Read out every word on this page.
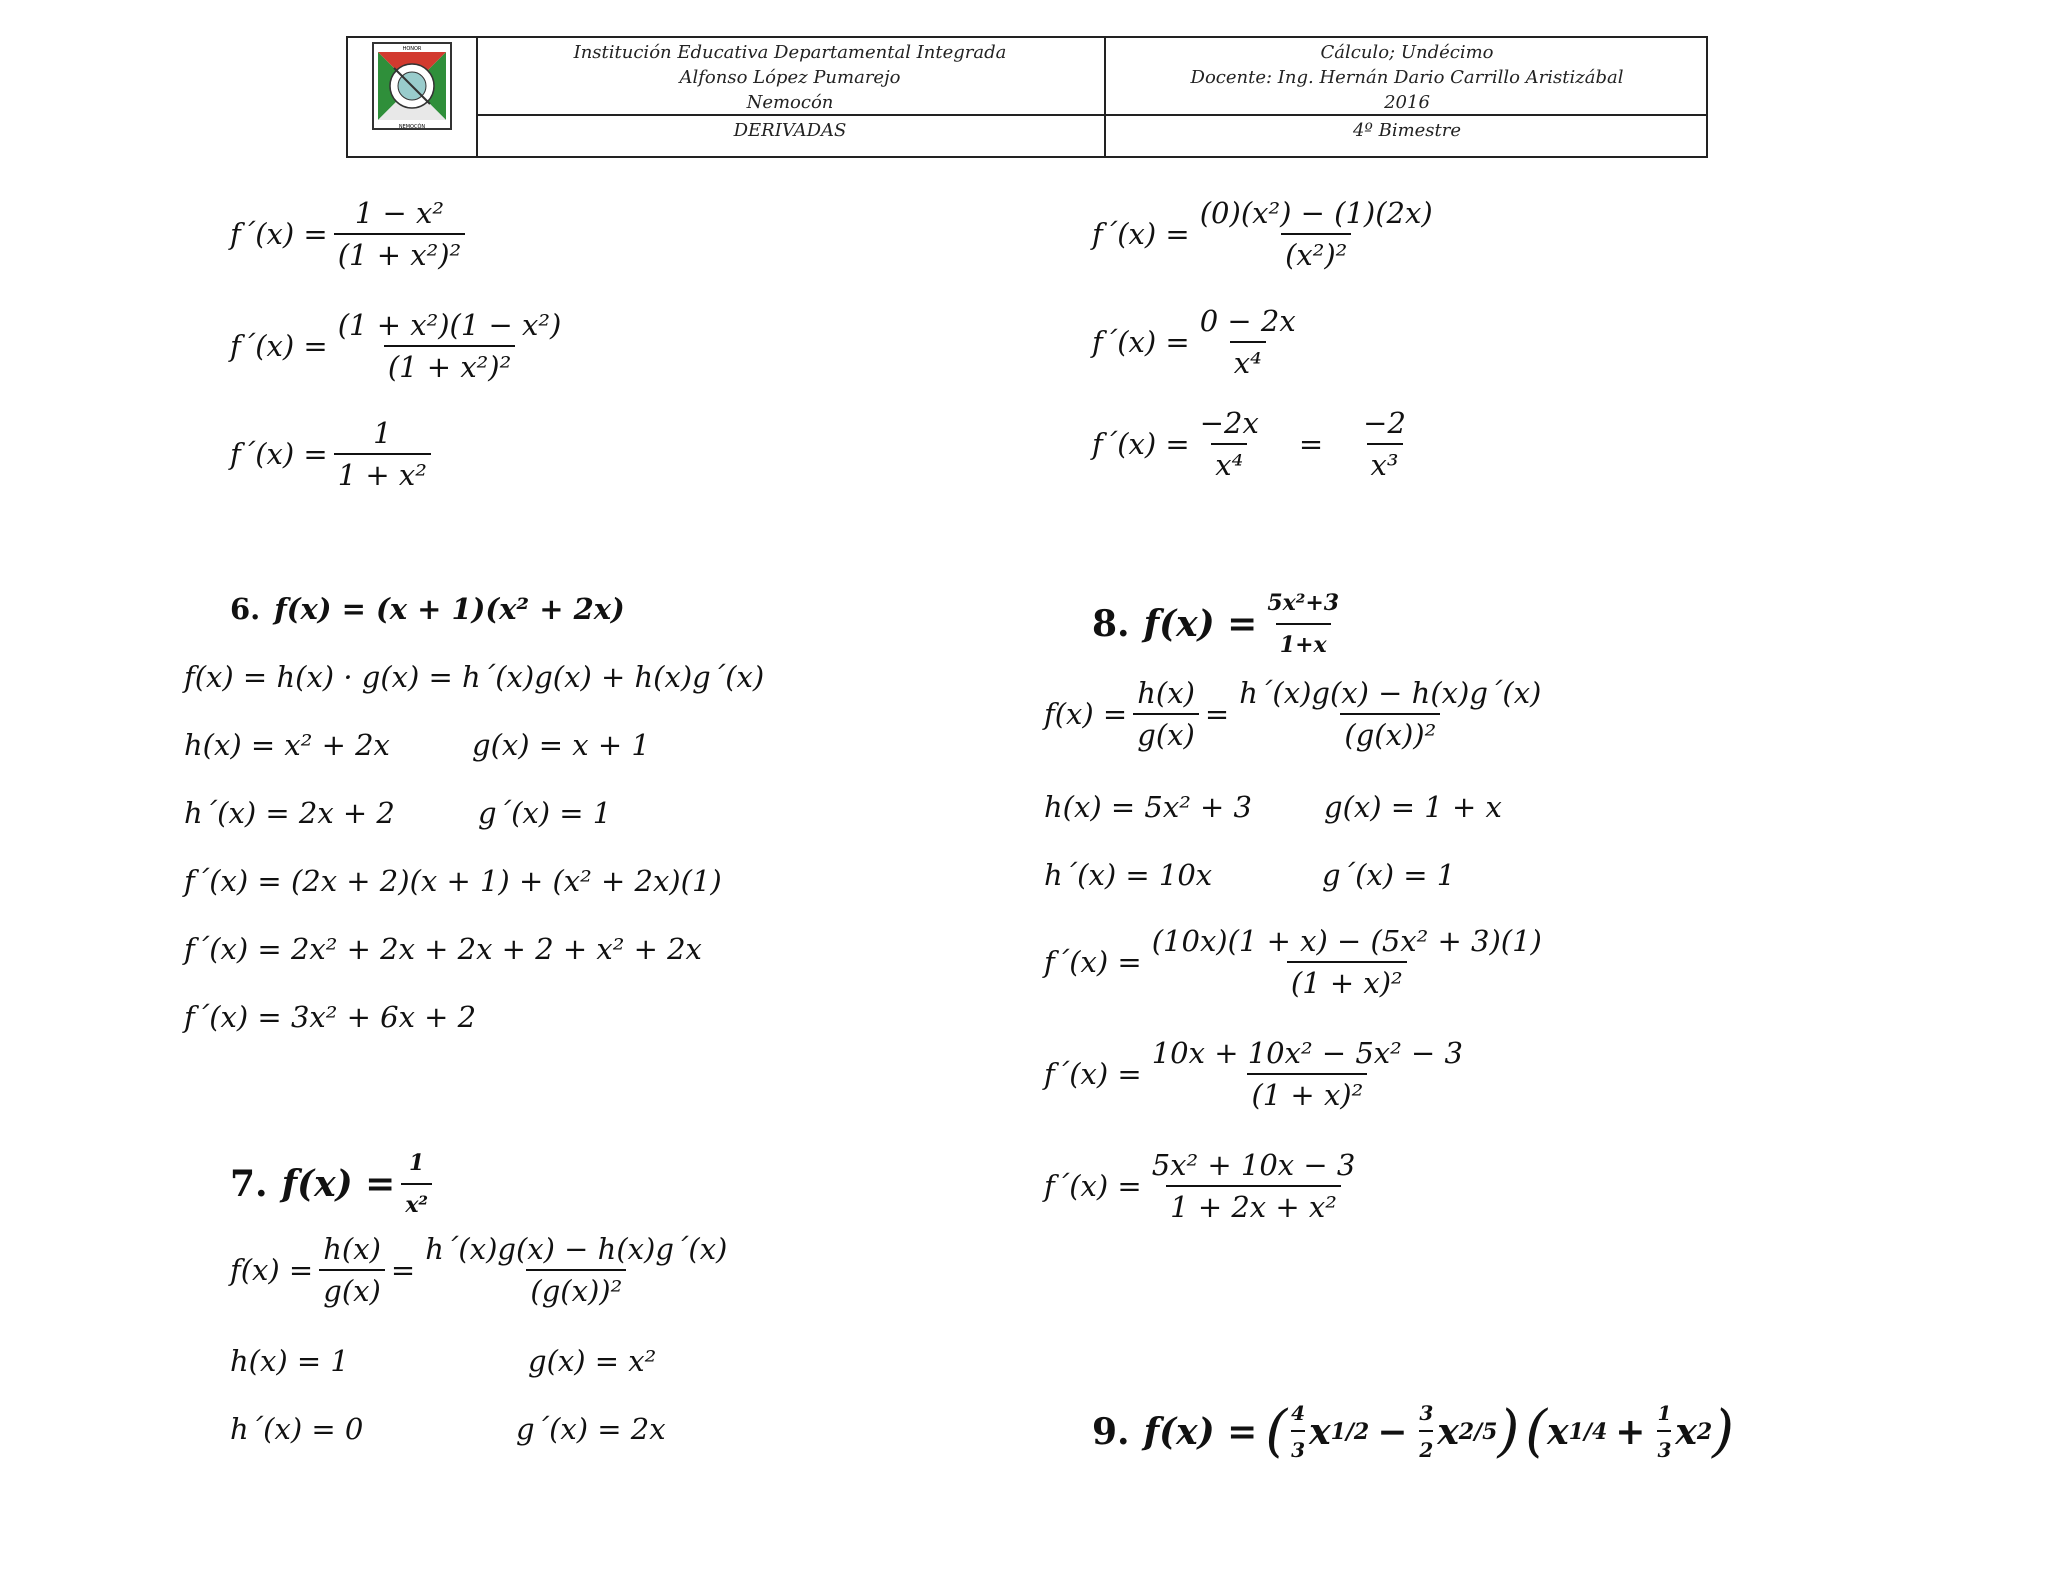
HONOR
NEMOCÓN
Institución Educativa Departamental Integrada
Alfonso López Pumarejo
Nemocón
Cálculo; Undécimo
Docente: Ing. Hernán Dario Carrillo Aristizábal
2016
DERIVADAS	4º Bimestre
f´(x) = $\frac{\text{1 − x²}}{\text{(1 + x²)²}}$
f´(x) = $\frac{\text{(1 + x²)(1 − x²)}}{\text{(1 + x²)²}}$
f´(x) = $\frac{1}{\text{1 + x²}}$
f´(x) = $\frac{\text{(0)(x²) − (1)(2x)}}{\text{(x²)²}}$
f´(x) = $\frac{0 - 2x}{\text{x⁴}}$
f´(x) = $\frac{-2x}{\text{x⁴}} = \frac{-2}{\text{x³}}$
6. f(x) = (x + 1)(x² + 2x)
f(x) = h(x) · g(x) = h´(x)g(x) + h(x)g´(x)
h(x) = x² + 2x	g(x) = x + 1
h´(x) = 2x + 2	g´(x) = 1
f´(x) = (2x + 2)(x + 1) + (x² + 2x)(1)
f´(x) = 2x² + 2x + 2x + 2 + x² + 2x
f´(x) = 3x² + 6x + 2
7. $f(x) = \frac{1}{\text{x²}}$
$f(x) = \frac{h(x)}{g(x)} = \frac{h´(x)g(x) - h(x)g´(x)}{\text{(g(x))²}}$
h(x) = 1	g(x) = x²
h´(x) = 0	g´(x) = 2x
8. $f(x) = \frac{\text{5x²+3}}{1+x}$
$f(x) = \frac{h(x)}{g(x)} = \frac{h´(x)g(x) - h(x)g´(x)}{\text{(g(x))²}}$
h(x) = 5x² + 3 g(x) = 1 + x
h´(x) = 10x	g´(x) = 1
f´(x) = $\frac{\text{(10x)(1 + x) − (5x² + 3)(1)}}{\text{(1 + x)²}}$
f´(x) = $\frac{\text{10x + 10x² − 5x² − 3}}{\text{(1 + x)²}}$
f´(x) = $\frac{\text{5x² + 10x − 3}}{\text{1 + 2x + x²}}$
9. f(x) = ( 4
3 x $1/2 - \frac{3}{2}$ x 2/5 ) ( x $1/4 + \frac{1}{3}$ x 2 )
